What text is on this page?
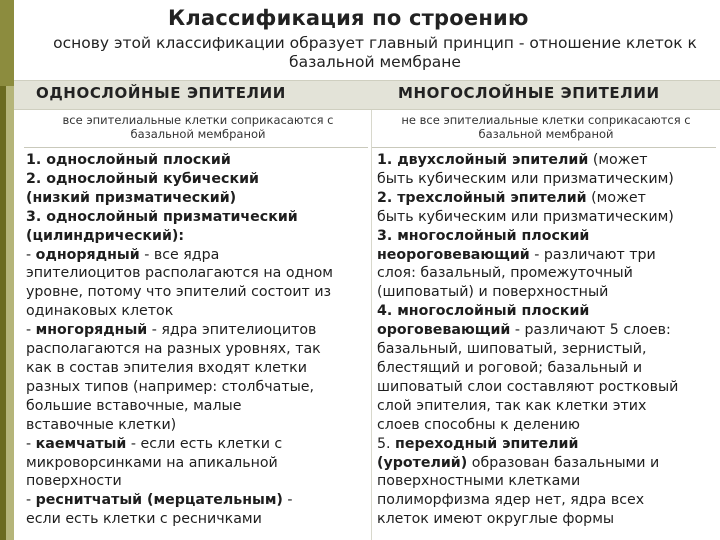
Классификация по строению
основу этой классификации образует главный принцип - отношение клеток к базальной мембране
ОДНОСЛОЙНЫЕ ЭПИТЕЛИИ	МНОГОСЛОЙНЫЕ ЭПИТЕЛИИ
все эпителиальные клетки соприкасаются с базальной мембраной
не все эпителиальные клетки соприкасаются с базальной мембраной
1. однослойный плоский
2. однослойный кубический
(низкий призматический)
3. однослойный призматический
(цилиндрический):
- однорядный - все ядра
эпителиоцитов располагаются на одном
уровне, потому что эпителий состоит из
одинаковых клеток
- многорядный - ядра эпителиоцитов
располагаются на разных уровнях, так
как в состав эпителия входят клетки
разных типов (например: столбчатые,
большие вставочные, малые
вставочные клетки)
- каемчатый - если есть клетки с
микроворсинками на апикальной
поверхности
- реснитчатый (мерцательным) -
если есть клетки с ресничками
1. двухслойный эпителий (может
быть кубическим или призматическим)
2. трехслойный эпителий (может
быть кубическим или призматическим)
3. многослойный плоский
неороговевающий - различают три
слоя: базальный, промежуточный
(шиповатый) и поверхностный
4. многослойный плоский
ороговевающий - различают 5 слоев:
базальный, шиповатый, зернистый,
блестящий и роговой; базальный и
шиповатый слои составляют ростковый
слой эпителия, так как клетки этих
слоев способны к делению
5. переходный эпителий
(уротелий) образован базальными и
поверхностными клетками
полиморфизма ядер нет, ядра всех
клеток имеют округлые формы
